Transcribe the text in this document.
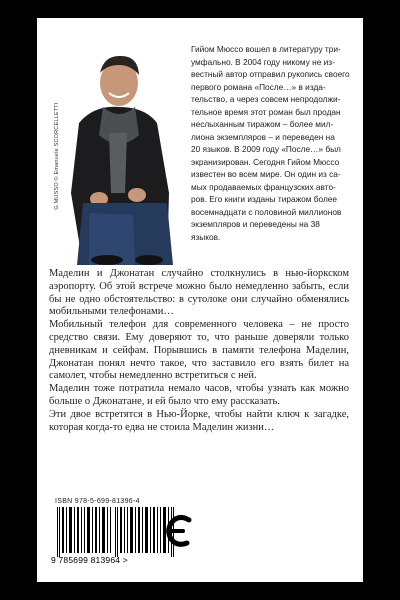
G.MUSSO © Emanuele SCORCELLETTI

Гийом Мюссо вошел в литературу три-
умфально. В 2004 году никому не из-
вестный автор отправил рукопись своего
первого романа «После…» в изда-
тельство, а через совсем непродолжи-
тельное время этот роман был продан
неслыханным тиражом – более мил-
лиона экземпляров – и переведен на
20 языков. В 2009 году «После…» был
экранизирован. Сегодня Гийом Мюссо
известен во всем мире. Он один из са-
мых продаваемых французских авто-
ров. Его книги изданы тиражом более
восемнадцати с половиной миллионов
экземпляров и переведены на 38 языков.

Маделин и Джонатан случайно столкнулись в нью-йоркском аэропорту. Об этой встрече можно было немедленно забыть, если бы не одно обстоятельство: в сутолоке они случайно обменялись мобильными телефонами…

Мобильный телефон для современного человека – не просто средство связи. Ему доверяют то, что раньше доверяли только дневникам и сейфам. Порывшись в памяти телефона Маделин, Джонатан понял нечто такое, что заставило его взять билет на самолет, чтобы немедленно встретиться с ней.

Маделин тоже потратила немало часов, чтобы узнать как можно больше о Джонатане, и ей было что ему рассказать.

Эти двое встретятся в Нью-Йорке, чтобы найти ключ к загадке, которая когда-то едва не стоила Маделин жизни…

ISBN 978-5-699-81396-4
9 785699 813964 >
